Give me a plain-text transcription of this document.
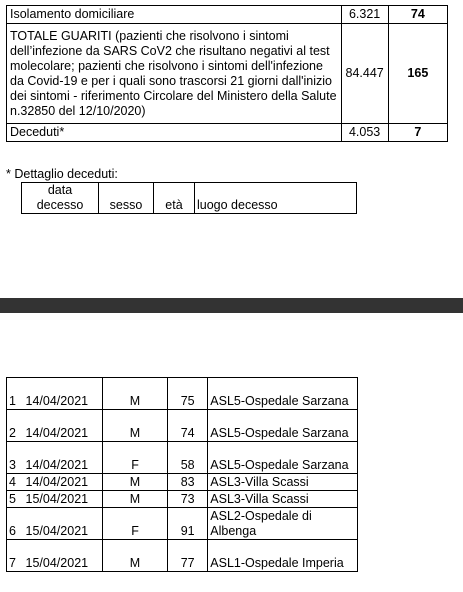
Isolamento domiciliare	6.321	74
TOTALE GUARITI (pazienti che risolvono i sintomi dell’infezione da SARS CoV2 che risultano negativi al test molecolare; pazienti che risolvono i sintomi dell'infezione da Covid-19 e per i quali sono trascorsi 21 giorni dall'inizio dei sintomi - riferimento Circolare del Ministero della Salute n.32850 del 12/10/2020)	84.447	165
Deceduti*	4.053	7
* Dettaglio deceduti:
data decesso	sesso	età	luogo decesso
1	14/04/2021	M	75	ASL5-Ospedale Sarzana
2	14/04/2021	M	74	ASL5-Ospedale Sarzana
3	14/04/2021	F	58	ASL5-Ospedale Sarzana
4	14/04/2021	M	83	ASL3-Villa Scassi
5	15/04/2021	M	73	ASL3-Villa Scassi
6	15/04/2021	F	91	ASL2-Ospedale di Albenga
7	15/04/2021	M	77	ASL1-Ospedale Imperia
